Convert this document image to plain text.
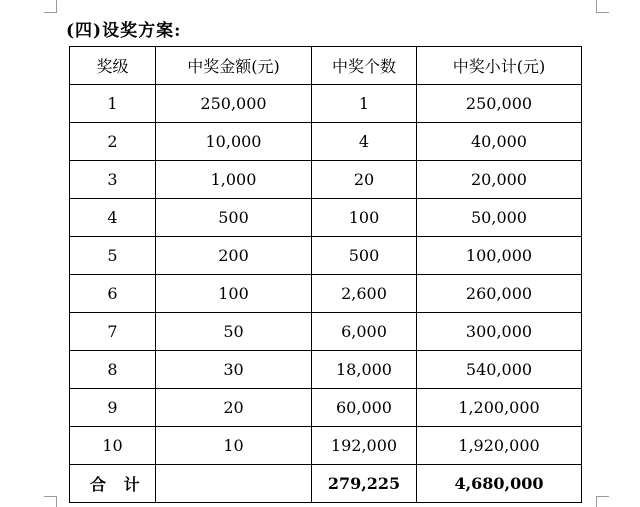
(四)设奖方案:
奖级	中奖金额(元)	中奖个数	中奖小计(元)
1	250,000	1	250,000
2	10,000	4	40,000
3	1,000	20	20,000
4	500	100	50,000
5	200	500	100,000
6	100	2,600	260,000
7	50	6,000	300,000
8	30	18,000	540,000
9	20	60,000	1,200,000
10	10	192,000	1,920,000
合 计		279,225	4,680,000
